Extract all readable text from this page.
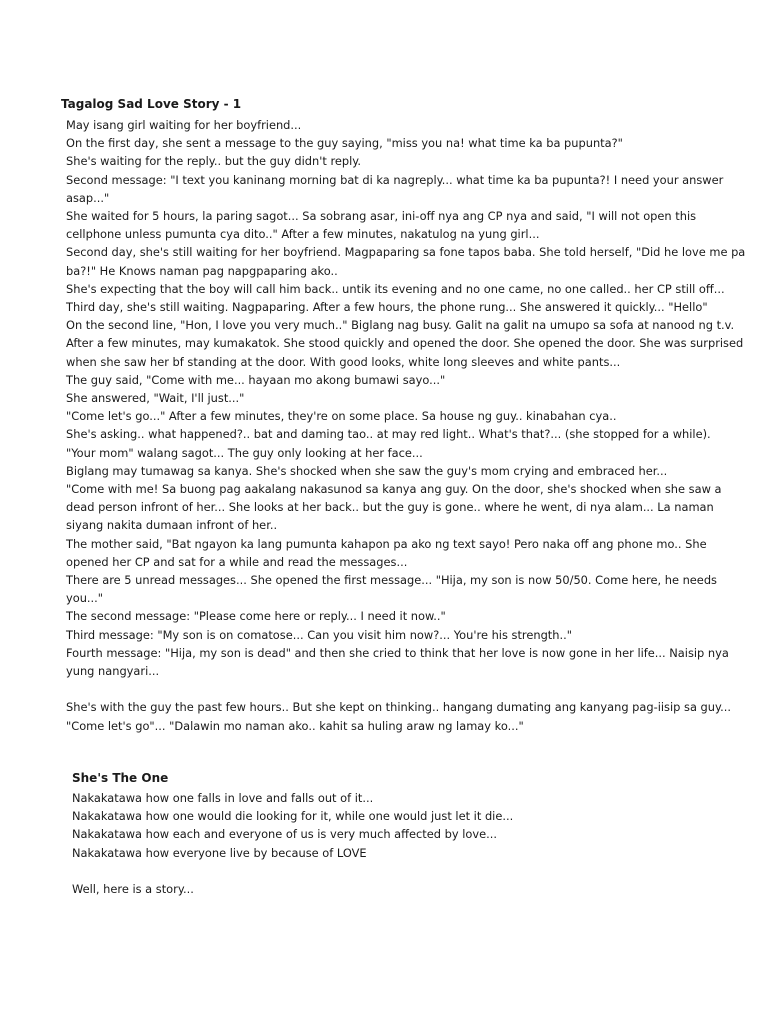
Tagalog Sad Love Story - 1

May isang girl waiting for her boyfriend...

On the first day, she sent a message to the guy saying, "miss you na! what time ka ba pupunta?"

She's waiting for the reply.. but the guy didn't reply.

Second message: "I text you kaninang morning bat di ka nagreply... what time ka ba pupunta?! I need your answer asap..."

She waited for 5 hours, la paring sagot... Sa sobrang asar, ini-off nya ang CP nya and said, "I will not open this cellphone unless pumunta cya dito.." After a few minutes, nakatulog na yung girl...

Second day, she's still waiting for her boyfriend. Magpaparing sa fone tapos baba. She told herself, "Did he love me pa ba?!" He Knows naman pag napgpaparing ako..

She's expecting that the boy will call him back.. untik its evening and no one came, no one called.. her CP still off...

Third day, she's still waiting. Nagpaparing. After a few hours, the phone rung... She answered it quickly... "Hello"

On the second line, "Hon, I love you very much.." Biglang nag busy. Galit na galit na umupo sa sofa at nanood ng t.v.

After a few minutes, may kumakatok. She stood quickly and opened the door. She opened the door. She was surprised when she saw her bf standing at the door. With good looks, white long sleeves and white pants...

The guy said, "Come with me... hayaan mo akong bumawi sayo..."

She answered, "Wait, I'll just..."

"Come let's go..." After a few minutes, they're on some place. Sa house ng guy.. kinabahan cya..

She's asking.. what happened?.. bat and daming tao.. at may red light.. What's that?... (she stopped for a while).

"Your mom" walang sagot... The guy only looking at her face...

Biglang may tumawag sa kanya. She's shocked when she saw the guy's mom crying and embraced her...

"Come with me! Sa buong pag aakalang nakasunod sa kanya ang guy. On the door, she's shocked when she saw a dead person infront of her... She looks at her back.. but the guy is gone.. where he went, di nya alam... La naman siyang nakita dumaan infront of her..

The mother said, "Bat ngayon ka lang pumunta kahapon pa ako ng text sayo! Pero naka off ang phone mo.. She opened her CP and sat for a while and read the messages...

There are 5 unread messages... She opened the first message... "Hija, my son is now 50/50. Come here, he needs you..."

The second message: "Please come here or reply... I need it now.."

Third message: "My son is on comatose... Can you visit him now?... You're his strength.."

Fourth message: "Hija, my son is dead" and then she cried to think that her love is now gone in her life... Naisip nya yung nangyari...

She's with the guy the past few hours.. But she kept on thinking.. hangang dumating ang kanyang pag-iisip sa guy...

"Come let's go"... "Dalawin mo naman ako.. kahit sa huling araw ng lamay ko..."

She's The One

Nakakatawa how one falls in love and falls out of it...

Nakakatawa how one would die looking for it, while one would just let it die...

Nakakatawa how each and everyone of us is very much affected by love...

Nakakatawa how everyone live by because of LOVE

Well, here is a story...
